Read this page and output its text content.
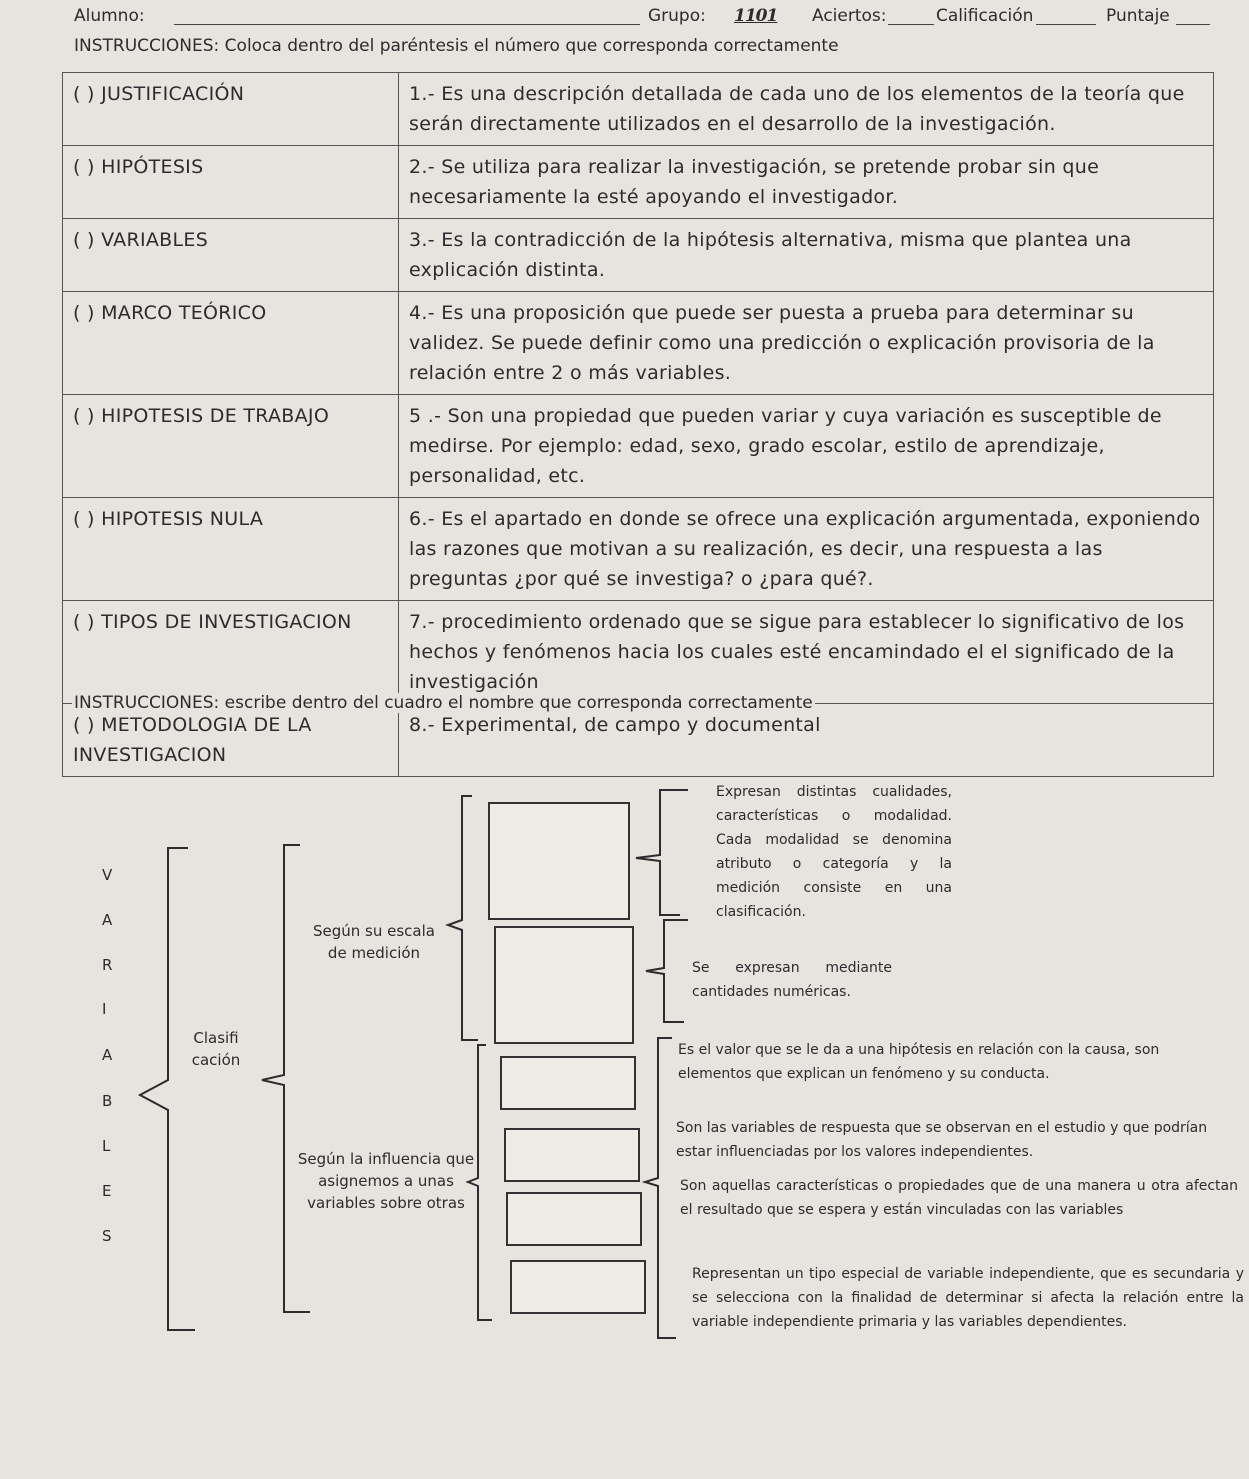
Alumno:	Grupo: 1101 Aciertos:	Calificación	Puntaje
INSTRUCCIONES: Coloca dentro del paréntesis el número que corresponda correctamente
( ) JUSTIFICACIÓN	1.- Es una descripción detallada de cada uno de los elementos de la teoría que serán directamente utilizados en el desarrollo de la investigación.
( ) HIPÓTESIS	2.- Se utiliza para realizar la investigación, se pretende probar sin que necesariamente la esté apoyando el investigador.
( ) VARIABLES	3.- Es la contradicción de la hipótesis alternativa, misma que plantea una explicación distinta.
( ) MARCO TEÓRICO	4.- Es una proposición que puede ser puesta a prueba para determinar su validez. Se puede definir como una predicción o explicación provisoria de la relación entre 2 o más variables.
( ) HIPOTESIS DE TRABAJO	5 .- Son una propiedad que pueden variar y cuya variación es susceptible de medirse. Por ejemplo: edad, sexo, grado escolar, estilo de aprendizaje, personalidad, etc.
( ) HIPOTESIS NULA	6.- Es el apartado en donde se ofrece una explicación argumentada, exponiendo las razones que motivan a su realización, es decir, una respuesta a las preguntas ¿por qué se investiga? o ¿para qué?.
( ) TIPOS DE INVESTIGACION	7.- procedimiento ordenado que se sigue para establecer lo significativo de los hechos y fenómenos hacia los cuales esté encamindado el el significado de la investigación
( ) METODOLOGIA DE LA INVESTIGACION	8.- Experimental, de campo y documental
INSTRUCCIONES: escribe dentro del cuadro el nombre que corresponda correctamente
V
A
R
I
A
B
L
E
S
Clasifi cación
Según su escala de medición
Según la influencia que asignemos a unas variables sobre otras
Expresan distintas cualidades, características o modalidad. Cada modalidad se denomina atributo o categoría y la medición consiste en una clasificación.
Se expresan mediante cantidades numéricas.
Es el valor que se le da a una hipótesis en relación con la causa, son elementos que explican un fenómeno y su conducta.
Son las variables de respuesta que se observan en el estudio y que podrían estar influenciadas por los valores independientes.
Son aquellas características o propiedades que de una manera u otra afectan el resultado que se espera y están vinculadas con las variables
Representan un tipo especial de variable independiente, que es secundaria y se selecciona con la finalidad de determinar si afecta la relación entre la variable independiente primaria y las variables dependientes.
